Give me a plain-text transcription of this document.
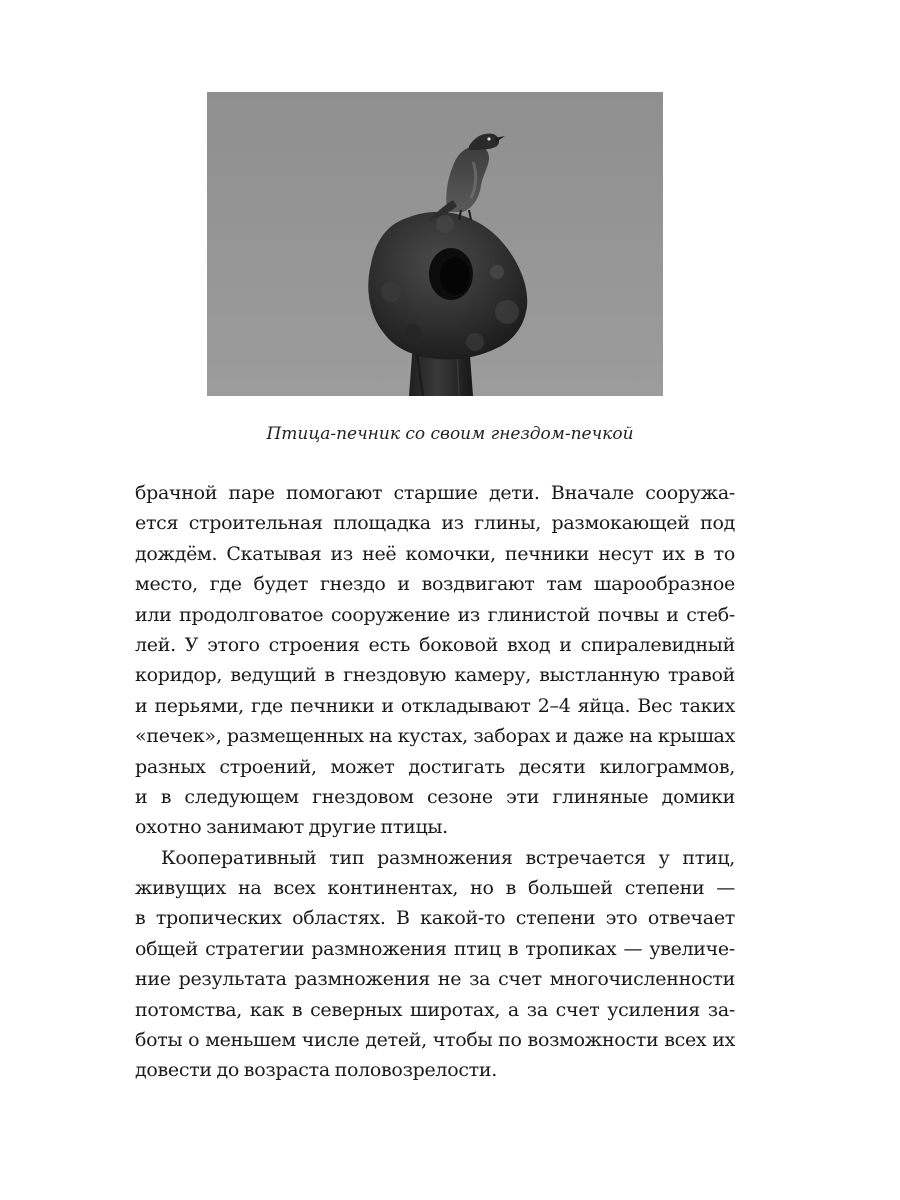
Птица-печник со своим гнездом-печкой
брачной паре помогают старшие дети. Вначале сооружа-
ется строительная площадка из глины, размокающей под
дождём. Скатывая из неё комочки, печники несут их в то
место, где будет гнездо и воздвигают там шарообразное
или продолговатое сооружение из глинистой почвы и стеб-
лей. У этого строения есть боковой вход и спиралевидный
коридор, ведущий в гнездовую камеру, выстланную травой
и перьями, где печники и откладывают 2–4 яйца. Вес таких
«печек», размещенных на кустах, заборах и даже на крышах
разных строений, может достигать десяти килограммов,
и в следующем гнездовом сезоне эти глиняные домики
охотно занимают другие птицы.
Кооперативный тип размножения встречается у птиц,
живущих на всех континентах, но в большей степени —
в тропических областях. В какой-то степени это отвечает
общей стратегии размножения птиц в тропиках — увеличе-
ние результата размножения не за счет многочисленности
потомства, как в северных широтах, а за счет усиления за-
боты о меньшем числе детей, чтобы по возможности всех их
довести до возраста половозрелости.
